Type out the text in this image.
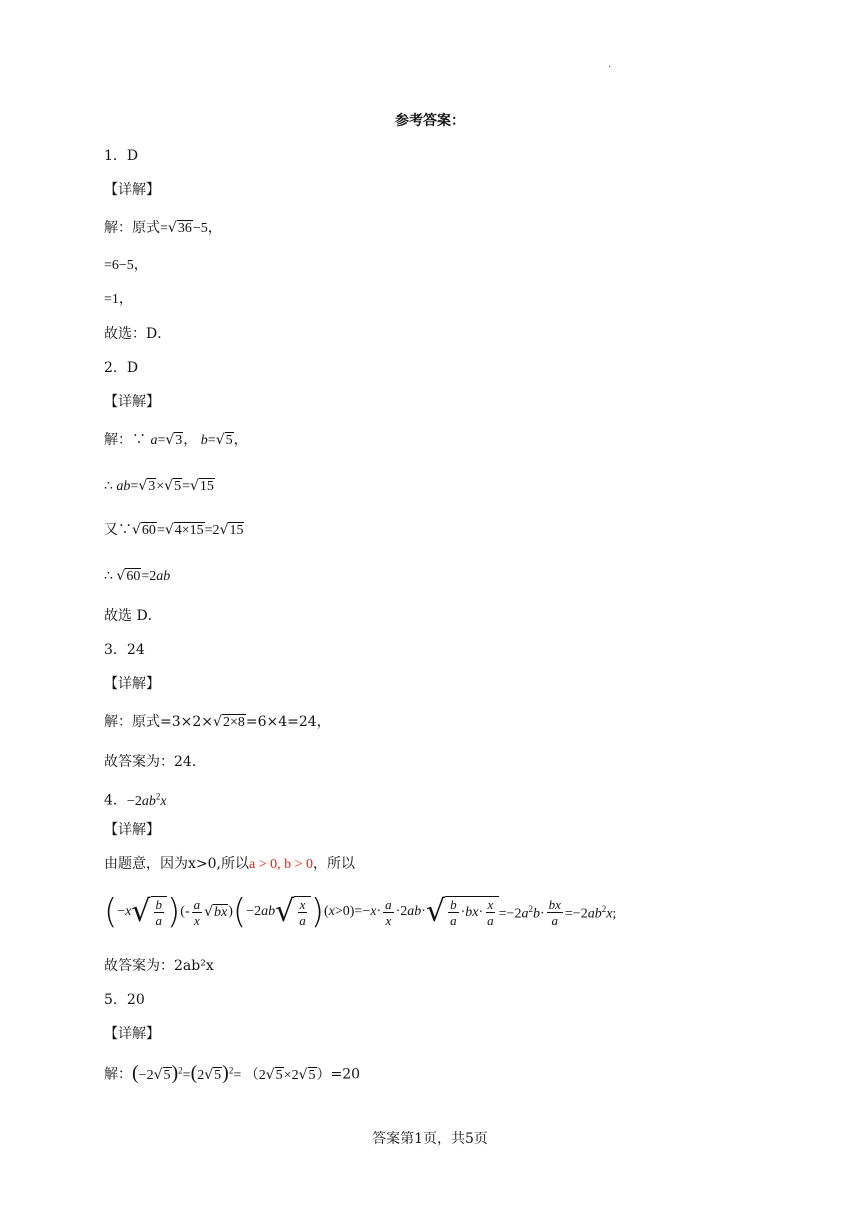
·
参考答案：
1．D
【详解】
解：原式=√36−5，
=6−5，
=1，
故选：D．
2．D
【详解】
解：∵ a=√3， b=√5，
∴ ab=√3×√5=√15
又∵√60=√4×15=2√15
∴ √60=2ab
故选 D．
3．24
【详解】
解：原式=3×2×√2×8=6×4=24，
故答案为：24．
4．$-2ab^2x$
【详解】
由题意，因为x>0,所以a > 0, b > 0，所以
( − x √ $\frac{b}{a}$ ) (- $\frac{a}{x}$ √ bx ) ( −2 ab √ $\frac{x}{a}$ ) $(x>0)=-x\cdot \frac{a}{x} \cdot 2ab\cdot$ √ $\frac{b}{a}$ · bx · $\frac{x}{a} =-2a^2b\cdot \frac{bx}{a} =-2ab^2x$;
故答案为：2ab²x
5．20
【详解】
解：$(-2√5)^2=(2√5)^2= (2√5\times 2√5)=20$
答案第1页，共5页
